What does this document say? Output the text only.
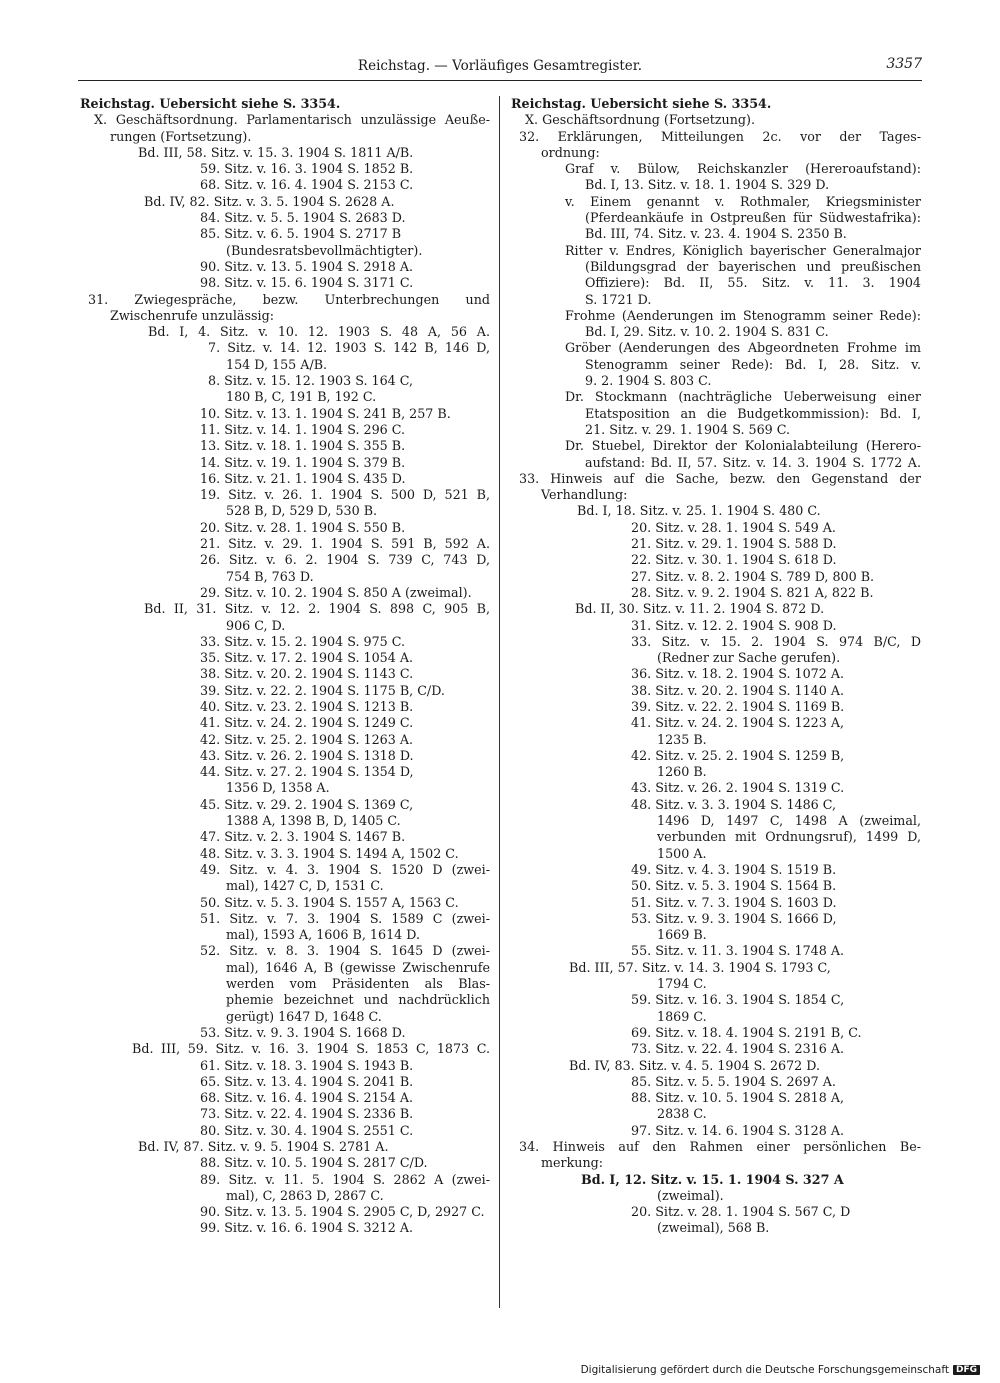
Reichstag. — Vorläufiges Gesamtregister.	3357
Reichstag. Uebersicht siehe S. 3354.
X. Geschäftsordnung. Parlamentarisch unzulässige Aeuße-
rungen (Fortsetzung).
Bd. III, 58. Sitz. v. 15. 3. 1904 S. 1811 A/B.
59. Sitz. v. 16. 3. 1904 S. 1852 B.
68. Sitz. v. 16. 4. 1904 S. 2153 C.
Bd. IV, 82. Sitz. v. 3. 5. 1904 S. 2628 A.
84. Sitz. v. 5. 5. 1904 S. 2683 D.
85. Sitz. v. 6. 5. 1904 S. 2717 B
(Bundesratsbevollmächtigter).
90. Sitz. v. 13. 5. 1904 S. 2918 A.
98. Sitz. v. 15. 6. 1904 S. 3171 C.
31. Zwiegespräche, bezw. Unterbrechungen und
Zwischenrufe unzulässig:
Bd. I, 4. Sitz. v. 10. 12. 1903 S. 48 A, 56 A.
7. Sitz. v. 14. 12. 1903 S. 142 B, 146 D,
154 D, 155 A/B.
8. Sitz. v. 15. 12. 1903 S. 164 C,
180 B, C, 191 B, 192 C.
10. Sitz. v. 13. 1. 1904 S. 241 B, 257 B.
11. Sitz. v. 14. 1. 1904 S. 296 C.
13. Sitz. v. 18. 1. 1904 S. 355 B.
14. Sitz. v. 19. 1. 1904 S. 379 B.
16. Sitz. v. 21. 1. 1904 S. 435 D.
19. Sitz. v. 26. 1. 1904 S. 500 D, 521 B,
528 B, D, 529 D, 530 B.
20. Sitz. v. 28. 1. 1904 S. 550 B.
21. Sitz. v. 29. 1. 1904 S. 591 B, 592 A.
26. Sitz. v. 6. 2. 1904 S. 739 C, 743 D,
754 B, 763 D.
29. Sitz. v. 10. 2. 1904 S. 850 A (zweimal).
Bd. II, 31. Sitz. v. 12. 2. 1904 S. 898 C, 905 B,
906 C, D.
33. Sitz. v. 15. 2. 1904 S. 975 C.
35. Sitz. v. 17. 2. 1904 S. 1054 A.
38. Sitz. v. 20. 2. 1904 S. 1143 C.
39. Sitz. v. 22. 2. 1904 S. 1175 B, C/D.
40. Sitz. v. 23. 2. 1904 S. 1213 B.
41. Sitz. v. 24. 2. 1904 S. 1249 C.
42. Sitz. v. 25. 2. 1904 S. 1263 A.
43. Sitz. v. 26. 2. 1904 S. 1318 D.
44. Sitz. v. 27. 2. 1904 S. 1354 D,
1356 D, 1358 A.
45. Sitz. v. 29. 2. 1904 S. 1369 C,
1388 A, 1398 B, D, 1405 C.
47. Sitz. v. 2. 3. 1904 S. 1467 B.
48. Sitz. v. 3. 3. 1904 S. 1494 A, 1502 C.
49. Sitz. v. 4. 3. 1904 S. 1520 D (zwei-
mal), 1427 C, D, 1531 C.
50. Sitz. v. 5. 3. 1904 S. 1557 A, 1563 C.
51. Sitz. v. 7. 3. 1904 S. 1589 C (zwei-
mal), 1593 A, 1606 B, 1614 D.
52. Sitz. v. 8. 3. 1904 S. 1645 D (zwei-
mal), 1646 A, B (gewisse Zwischenrufe
werden vom Präsidenten als Blas-
phemie bezeichnet und nachdrücklich
gerügt) 1647 D, 1648 C.
53. Sitz. v. 9. 3. 1904 S. 1668 D.
Bd. III, 59. Sitz. v. 16. 3. 1904 S. 1853 C, 1873 C.
61. Sitz. v. 18. 3. 1904 S. 1943 B.
65. Sitz. v. 13. 4. 1904 S. 2041 B.
68. Sitz. v. 16. 4. 1904 S. 2154 A.
73. Sitz. v. 22. 4. 1904 S. 2336 B.
80. Sitz. v. 30. 4. 1904 S. 2551 C.
Bd. IV, 87. Sitz. v. 9. 5. 1904 S. 2781 A.
88. Sitz. v. 10. 5. 1904 S. 2817 C/D.
89. Sitz. v. 11. 5. 1904 S. 2862 A (zwei-
mal), C, 2863 D, 2867 C.
90. Sitz. v. 13. 5. 1904 S. 2905 C, D, 2927 C.
99. Sitz. v. 16. 6. 1904 S. 3212 A.
Reichstag. Uebersicht siehe S. 3354.
X. Geschäftsordnung (Fortsetzung).
32. Erklärungen, Mitteilungen 2c. vor der Tages-
ordnung:
Graf v. Bülow, Reichskanzler (Hereroaufstand):
Bd. I, 13. Sitz. v. 18. 1. 1904 S. 329 D.
v. Einem genannt v. Rothmaler, Kriegsminister
(Pferdeankäufe in Ostpreußen für Südwestafrika):
Bd. III, 74. Sitz. v. 23. 4. 1904 S. 2350 B.
Ritter v. Endres, Königlich bayerischer Generalmajor
(Bildungsgrad der bayerischen und preußischen
Offiziere): Bd. II, 55. Sitz. v. 11. 3. 1904
S. 1721 D.
Frohme (Aenderungen im Stenogramm seiner Rede):
Bd. I, 29. Sitz. v. 10. 2. 1904 S. 831 C.
Gröber (Aenderungen des Abgeordneten Frohme im
Stenogramm seiner Rede): Bd. I, 28. Sitz. v.
9. 2. 1904 S. 803 C.
Dr. Stockmann (nachträgliche Ueberweisung einer
Etatsposition an die Budgetkommission): Bd. I,
21. Sitz. v. 29. 1. 1904 S. 569 C.
Dr. Stuebel, Direktor der Kolonialabteilung (Herero-
aufstand: Bd. II, 57. Sitz. v. 14. 3. 1904 S. 1772 A.
33. Hinweis auf die Sache, bezw. den Gegenstand der
Verhandlung:
Bd. I, 18. Sitz. v. 25. 1. 1904 S. 480 C.
20. Sitz. v. 28. 1. 1904 S. 549 A.
21. Sitz. v. 29. 1. 1904 S. 588 D.
22. Sitz. v. 30. 1. 1904 S. 618 D.
27. Sitz. v. 8. 2. 1904 S. 789 D, 800 B.
28. Sitz. v. 9. 2. 1904 S. 821 A, 822 B.
Bd. II, 30. Sitz. v. 11. 2. 1904 S. 872 D.
31. Sitz. v. 12. 2. 1904 S. 908 D.
33. Sitz. v. 15. 2. 1904 S. 974 B/C, D
(Redner zur Sache gerufen).
36. Sitz. v. 18. 2. 1904 S. 1072 A.
38. Sitz. v. 20. 2. 1904 S. 1140 A.
39. Sitz. v. 22. 2. 1904 S. 1169 B.
41. Sitz. v. 24. 2. 1904 S. 1223 A,
1235 B.
42. Sitz. v. 25. 2. 1904 S. 1259 B,
1260 B.
43. Sitz. v. 26. 2. 1904 S. 1319 C.
48. Sitz. v. 3. 3. 1904 S. 1486 C,
1496 D, 1497 C, 1498 A (zweimal,
verbunden mit Ordnungsruf), 1499 D,
1500 A.
49. Sitz. v. 4. 3. 1904 S. 1519 B.
50. Sitz. v. 5. 3. 1904 S. 1564 B.
51. Sitz. v. 7. 3. 1904 S. 1603 D.
53. Sitz. v. 9. 3. 1904 S. 1666 D,
1669 B.
55. Sitz. v. 11. 3. 1904 S. 1748 A.
Bd. III, 57. Sitz. v. 14. 3. 1904 S. 1793 C,
1794 C.
59. Sitz. v. 16. 3. 1904 S. 1854 C,
1869 C.
69. Sitz. v. 18. 4. 1904 S. 2191 B, C.
73. Sitz. v. 22. 4. 1904 S. 2316 A.
Bd. IV, 83. Sitz. v. 4. 5. 1904 S. 2672 D.
85. Sitz. v. 5. 5. 1904 S. 2697 A.
88. Sitz. v. 10. 5. 1904 S. 2818 A,
2838 C.
97. Sitz. v. 14. 6. 1904 S. 3128 A.
34. Hinweis auf den Rahmen einer persönlichen Be-
merkung:
Bd. I, 12. Sitz. v. 15. 1. 1904 S. 327 A
(zweimal).
20. Sitz. v. 28. 1. 1904 S. 567 C, D
(zweimal), 568 B.
Digitalisierung gefördert durch die Deutsche Forschungsgemeinschaft DFG
